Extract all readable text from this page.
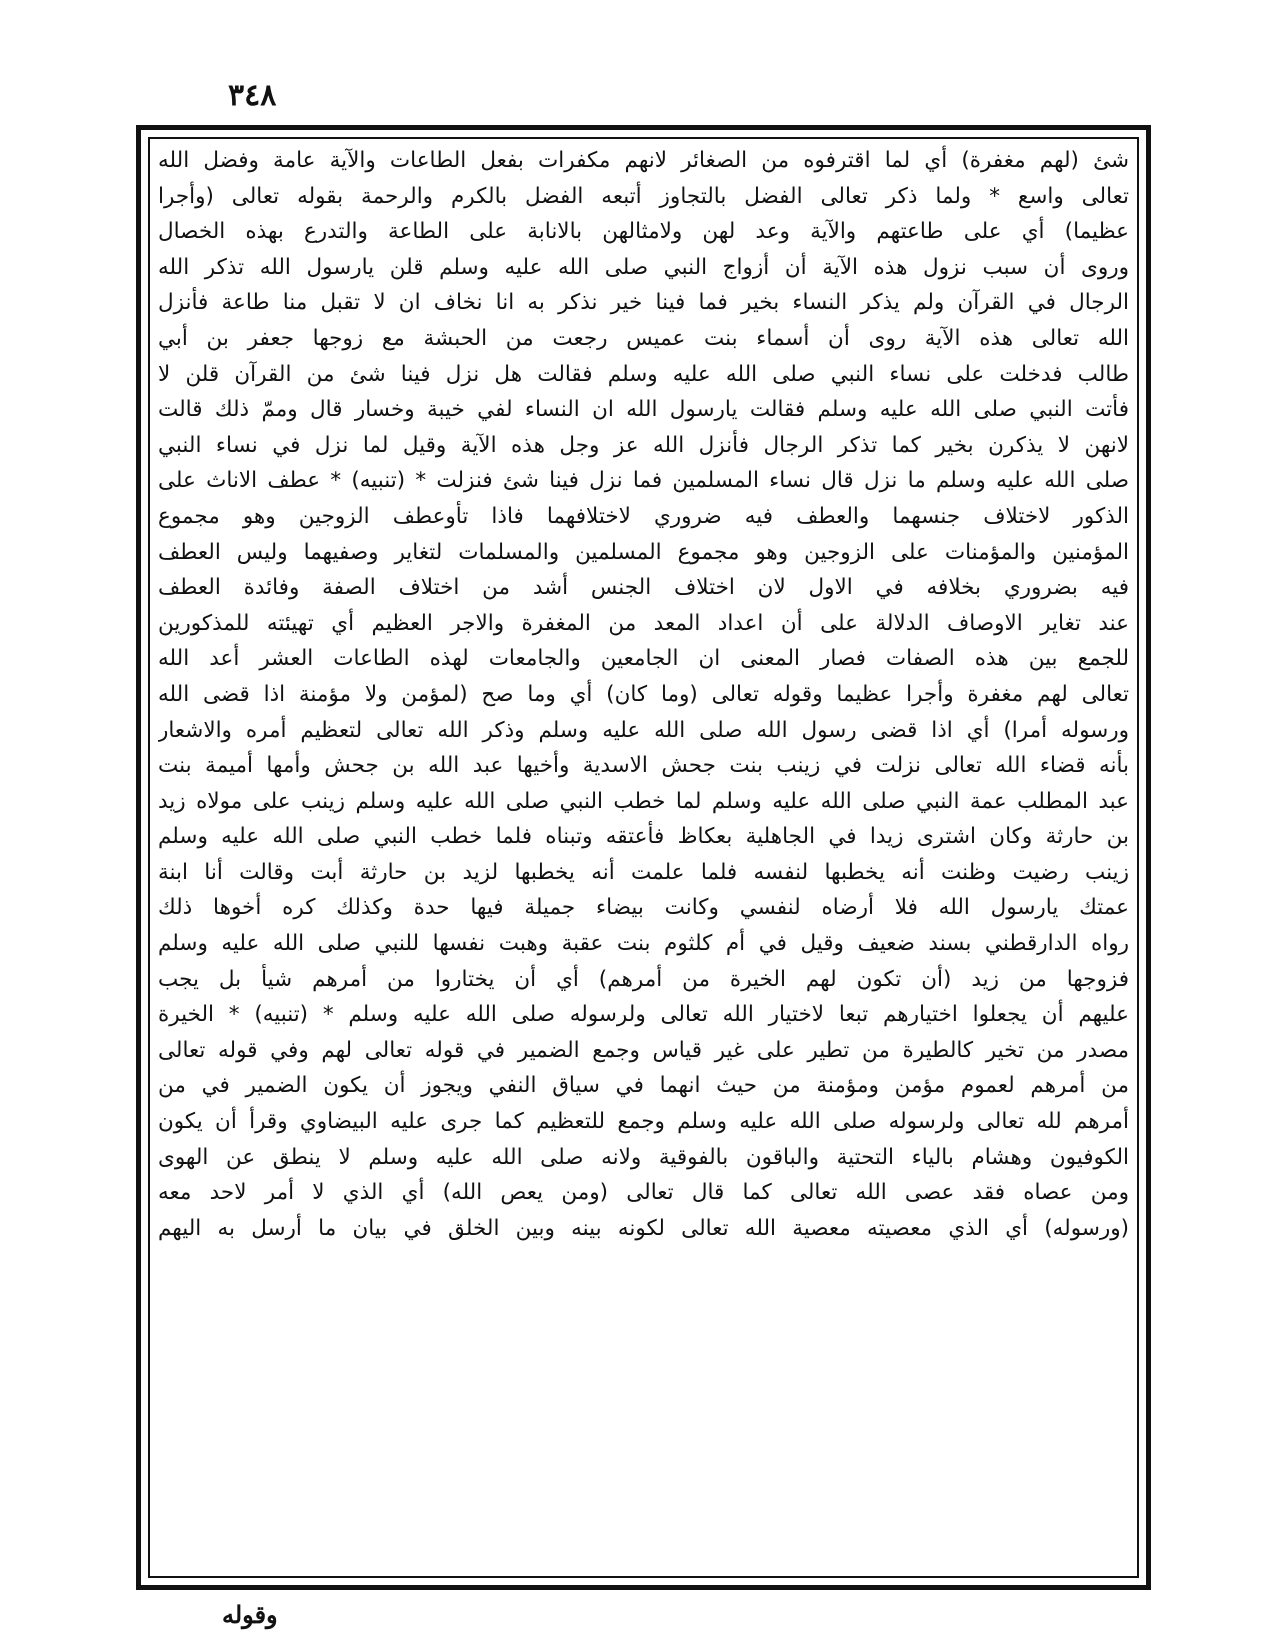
٣٤٨
شئ (لهم مغفرة) أي لما اقترفوه من الصغائر لانهم مكفرات بفعل الطاعات والآية عامة وفضل الله
تعالى واسع * ولما ذكر تعالى الفضل بالتجاوز أتبعه الفضل بالكرم والرحمة بقوله تعالى (وأجرا
عظيما) أي على طاعتهم والآية وعد لهن ولامثالهن بالانابة على الطاعة والتدرع بهذه الخصال
وروى أن سبب نزول هذه الآية أن أزواج النبي صلى الله عليه وسلم قلن يارسول الله تذكر الله
الرجال في القرآن ولم يذكر النساء بخير فما فينا خير نذكر به انا نخاف ان لا تقبل منا طاعة فأنزل
الله تعالى هذه الآية روى أن أسماء بنت عميس رجعت من الحبشة مع زوجها جعفر بن أبي
طالب فدخلت على نساء النبي صلى الله عليه وسلم فقالت هل نزل فينا شئ من القرآن قلن لا
فأتت النبي صلى الله عليه وسلم فقالت يارسول الله ان النساء لفي خيبة وخسار قال وممّ ذلك قالت
لانهن لا يذكرن بخير كما تذكر الرجال فأنزل الله عز وجل هذه الآية وقيل لما نزل في نساء النبي
صلى الله عليه وسلم ما نزل قال نساء المسلمين فما نزل فينا شئ فنزلت * (تنبيه) * عطف الاناث على
الذكور لاختلاف جنسهما والعطف فيه ضروري لاختلافهما فاذا تأوعطف الزوجين وهو مجموع
المؤمنين والمؤمنات على الزوجين وهو مجموع المسلمين والمسلمات لتغاير وصفيهما وليس العطف
فيه بضروري بخلافه في الاول لان اختلاف الجنس أشد من اختلاف الصفة وفائدة العطف
عند تغاير الاوصاف الدلالة على أن اعداد المعد من المغفرة والاجر العظيم أي تهيئته للمذكورين
للجمع بين هذه الصفات فصار المعنى ان الجامعين والجامعات لهذه الطاعات العشر أعد الله
تعالى لهم مغفرة وأجرا عظيما وقوله تعالى (وما كان) أي وما صح (لمؤمن ولا مؤمنة اذا قضى الله
ورسوله أمرا) أي اذا قضى رسول الله صلى الله عليه وسلم وذكر الله تعالى لتعظيم أمره والاشعار
بأنه قضاء الله تعالى نزلت في زينب بنت جحش الاسدية وأخيها عبد الله بن جحش وأمها أميمة بنت
عبد المطلب عمة النبي صلى الله عليه وسلم لما خطب النبي صلى الله عليه وسلم زينب على مولاه زيد
بن حارثة وكان اشترى زيدا في الجاهلية بعكاظ فأعتقه وتبناه فلما خطب النبي صلى الله عليه وسلم
زينب رضيت وظنت أنه يخطبها لنفسه فلما علمت أنه يخطبها لزيد بن حارثة أبت وقالت أنا ابنة
عمتك يارسول الله فلا أرضاه لنفسي وكانت بيضاء جميلة فيها حدة وكذلك كره أخوها ذلك
رواه الدارقطني بسند ضعيف وقيل في أم كلثوم بنت عقبة وهبت نفسها للنبي صلى الله عليه وسلم
فزوجها من زيد (أن تكون لهم الخيرة من أمرهم) أي أن يختاروا من أمرهم شيأ بل يجب
عليهم أن يجعلوا اختيارهم تبعا لاختيار الله تعالى ولرسوله صلى الله عليه وسلم * (تنبيه) * الخيرة
مصدر من تخير كالطيرة من تطير على غير قياس وجمع الضمير في قوله تعالى لهم وفي قوله تعالى
من أمرهم لعموم مؤمن ومؤمنة من حيث انهما في سياق النفي ويجوز أن يكون الضمير في من
أمرهم لله تعالى ولرسوله صلى الله عليه وسلم وجمع للتعظيم كما جرى عليه البيضاوي وقرأ أن يكون
الكوفيون وهشام بالياء التحتية والباقون بالفوقية ولانه صلى الله عليه وسلم لا ينطق عن الهوى
ومن عصاه فقد عصى الله تعالى كما قال تعالى (ومن يعص الله) أي الذي لا أمر لاحد معه
(ورسوله) أي الذي معصيته معصية الله تعالى لكونه بينه وبين الخلق في بيان ما أرسل به اليهم
وقوله
